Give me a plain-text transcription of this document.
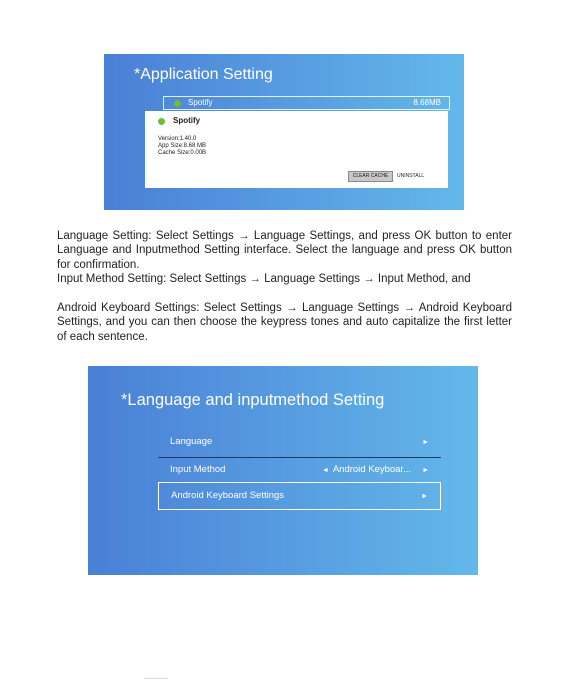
*Application Setting
Spotify	8.68MB
Spotify
Version:1.40.0
App Size:8.68 MB
Cache Size:0.00B
CLEAR CACHE	UNINSTALL
Language Setting: Select Settings → Language Settings, and press OK button to enter Language and Inputmethod Setting interface. Select the language and press OK button for confirmation.
Input Method Setting: Select Settings → Language Settings → Input Method, and
Android Keyboard Settings: Select Settings → Language Settings → Android Keyboard Settings, and you can then choose the keypress tones and auto capitalize the first letter of each sentence.
*Language and inputmethod Setting
Language	►
Input Method	◄ Android Keyboar... ►
Android Keyboard Settings	►
